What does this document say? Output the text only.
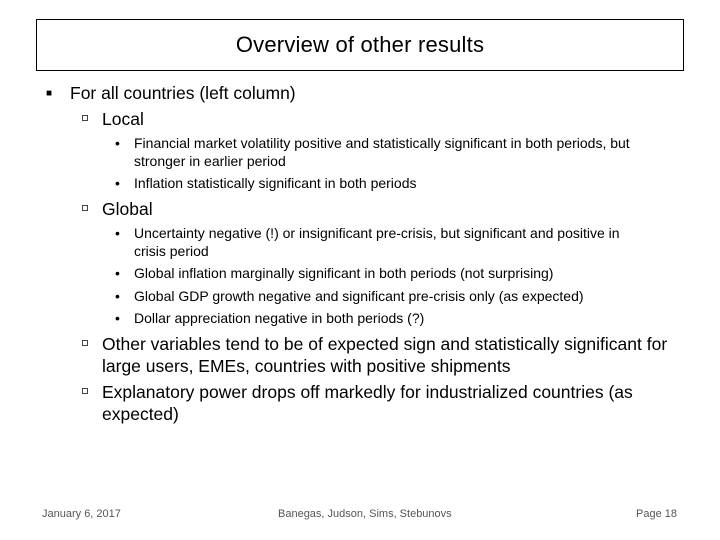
Overview of other results
■ For all countries (left column)
Local
• Financial market volatility positive and statistically significant in both periods, but stronger in earlier period
• Inflation statistically significant in both periods
Global
• Uncertainty negative (!) or insignificant pre-crisis, but significant and positive in crisis period
• Global inflation marginally significant in both periods (not surprising)
• Global GDP growth negative and significant pre-crisis only (as expected)
• Dollar appreciation negative in both periods (?)
Other variables tend to be of expected sign and statistically significant for large users, EMEs, countries with positive shipments
Explanatory power drops off markedly for industrialized countries (as expected)
January 6, 2017	Banegas, Judson, Sims, Stebunovs	Page 18
